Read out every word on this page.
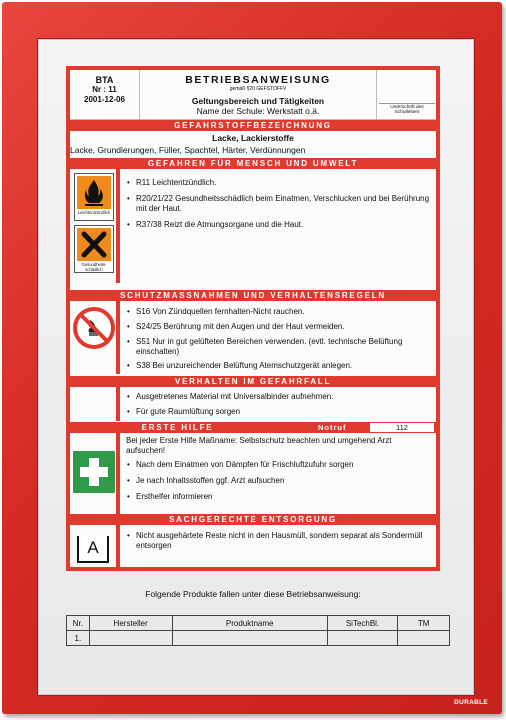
DURABLE
BTA
Nr : 11
2001-12-06
BETRIEBSANWEISUNG
gemäß §20 GEFSTOFFV
Geltungsbereich und Tätigkeiten
Name der Schule: Werkstatt o.ä.	Unterschrift des Schulleiters
GEFAHRSTOFFBEZEICHNUNG
Lacke, Lackierstoffe
Lacke, Grundierungen, Füller, Spachtel, Härter, Verdünnungen
GEFAHREN FÜR MENSCH UND UMWELT
Leichtentzündlich
Gesundheits-schädlich
• R11 Leichtentzündlich.
• R20/21/22 Gesundheitsschädlich beim Einatmen, Verschlucken und bei Berührung mit der Haut.
• R37/38 Reizt die Atmungsorgane und die Haut.
SCHUTZMASSNAHMEN UND VERHALTENSREGELN
• S16 Von Zündquellen fernhalten-Nicht rauchen.
• S24/25 Berührung mit den Augen und der Haut vermeiden.
• S51 Nur in gut gelüfteten Bereichen verwenden. (evtl. technische Belüftung einschalten)
• S38 Bei unzureichender Belüftung Atemschutzgerät anlegen.
VERHALTEN IM GEFAHRFALL
• Ausgetretenes Material mit Universalbinder aufnehmen.
• Für gute Raumlüftung sorgen
ERSTE HILFE	Notruf	112
Bei jeder Erste Hilfe Maßname: Selbstschutz beachten und umgehend Arzt aufsuchen!
• Nach dem Einatmen von Dämpfen für Frischluftzufuhr sorgen
• Je nach Inhaltsstoffen ggf. Arzt aufsuchen
• Ersthelfer informieren
SACHGERECHTE ENTSORGUNG
A
• Nicht ausgehärtete Reste nicht in den Hausmüll, sondern separat als Sondermüll entsorgen
Folgende Produkte fallen unter diese Betriebsanweisung:
Nr.	Hersteller	Produktname	SiTechBl.	TM
1.				
